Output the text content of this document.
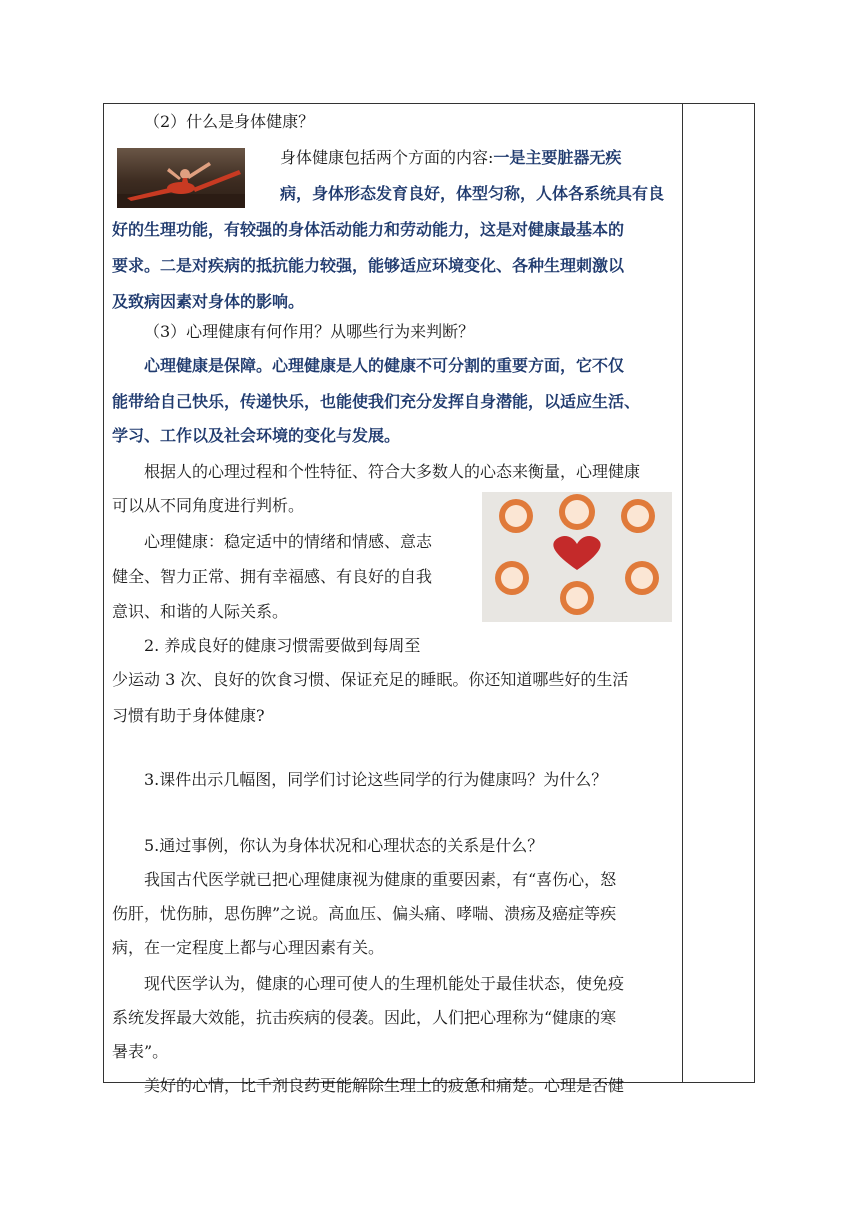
（2）什么是身体健康？
身体健康包括两个方面的内容:一是主要脏器无疾
病，身体形态发育良好，体型匀称，人体各系统具有良
好的生理功能，有较强的身体活动能力和劳动能力，这是对健康最基本的
要求。二是对疾病的抵抗能力较强，能够适应环境变化、各种生理刺激以
及致病因素对身体的影响。
（3）心理健康有何作用？从哪些行为来判断？
心理健康是保障。心理健康是人的健康不可分割的重要方面，它不仅
能带给自己快乐，传递快乐，也能使我们充分发挥自身潜能，以适应生活、
学习、工作以及社会环境的变化与发展。
根据人的心理过程和个性特征、符合大多数人的心态来衡量，心理健康
可以从不同角度进行判析。
心理健康：稳定适中的情绪和情感、意志
健全、智力正常、拥有幸福感、有良好的自我
意识、和谐的人际关系。
2. 养成良好的健康习惯需要做到每周至
少运动 3 次、良好的饮食习惯、保证充足的睡眠。你还知道哪些好的生活
习惯有助于身体健康?
3.课件出示几幅图，同学们讨论这些同学的行为健康吗？为什么？
5.通过事例，你认为身体状况和心理状态的关系是什么？
我国古代医学就已把心理健康视为健康的重要因素，有“喜伤心，怒
伤肝，忧伤肺，思伤脾”之说。高血压、偏头痛、哮喘、溃疡及癌症等疾
病，在一定程度上都与心理因素有关。
现代医学认为，健康的心理可使人的生理机能处于最佳状态，使免疫
系统发挥最大效能，抗击疾病的侵袭。因此，人们把心理称为“健康的寒
暑表”。
美好的心情，比千剂良药更能解除生理上的疲惫和痛楚。心理是否健
